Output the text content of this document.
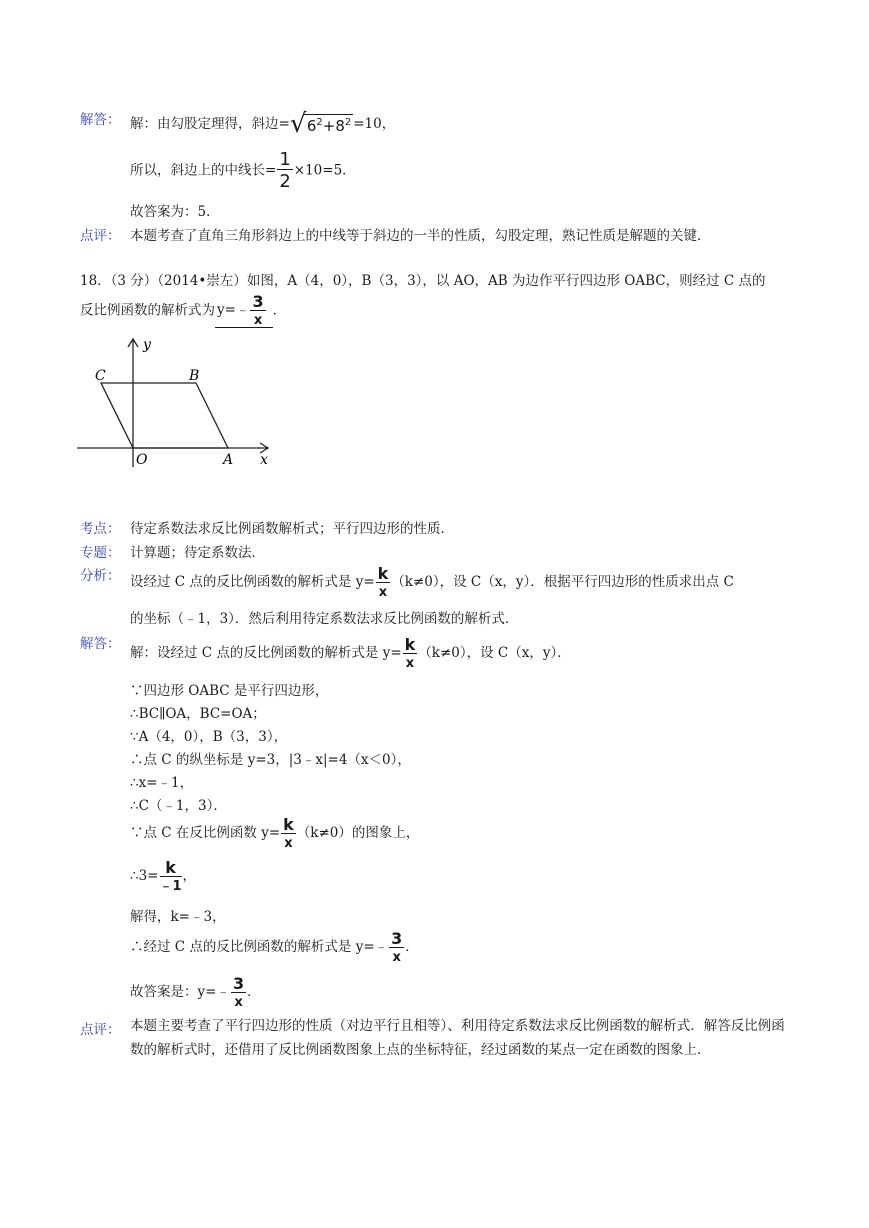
解答： 解：由勾股定理得，斜边= √ $6^2+8^2 =10$，
所以，斜边上的中线长= $\frac{1}{2} \times 10=5$．
故答案为：5．
点评： 本题考查了直角三角形斜边上的中线等于斜边的一半的性质，勾股定理，熟记性质是解题的关键．
18．（3 分）（2014•崇左）如图，A（4，0），B（3，3），以 AO，AB 为边作平行四边形 OABC，则经过 C 点的
反比例函数的解析式为 y=﹣ $\frac{3}{x}$ ．
y
x
C	B
O	A
考点： 待定系数法求反比例函数解析式；平行四边形的性质．
专题： 计算题；待定系数法．
分析： 设经过 C 点的反比例函数的解析式是 $y= \frac{k}{x} (k\ne 0)$，设 C（x，y）．根据平行四边形的性质求出点 C
的坐标（﹣1，3）．然后利用待定系数法求反比例函数的解析式．
解答：
解：设经过 C 点的反比例函数的解析式是 $y= \frac{k}{x} (k\ne 0)$，设 C（x，y）．
∵四边形 OABC 是平行四边形，
∴BC∥OA，BC=OA；
∵A（4，0），B（3，3），
∴点 C 的纵坐标是 y=3，|3﹣x|=4（x＜0），
∴x=﹣1，
∴C（﹣1，3）．
∵点 C 在反比例函数 $y= \frac{k}{x} (k\ne 0)$的图象上，
∴3= $\frac{k}{﹣1}$ ，
解得，k=﹣3，
∴经过 C 点的反比例函数的解析式是 y=﹣ $\frac{3}{x}$ ．
故答案是：y=﹣ $\frac{3}{x}$ ．
点评： 本题主要考查了平行四边形的性质（对边平行且相等）、利用待定系数法求反比例函数的解析式．解答反比例函数的解析式时，还借用了反比例函数图象上点的坐标特征，经过函数的某点一定在函数的图象上．
